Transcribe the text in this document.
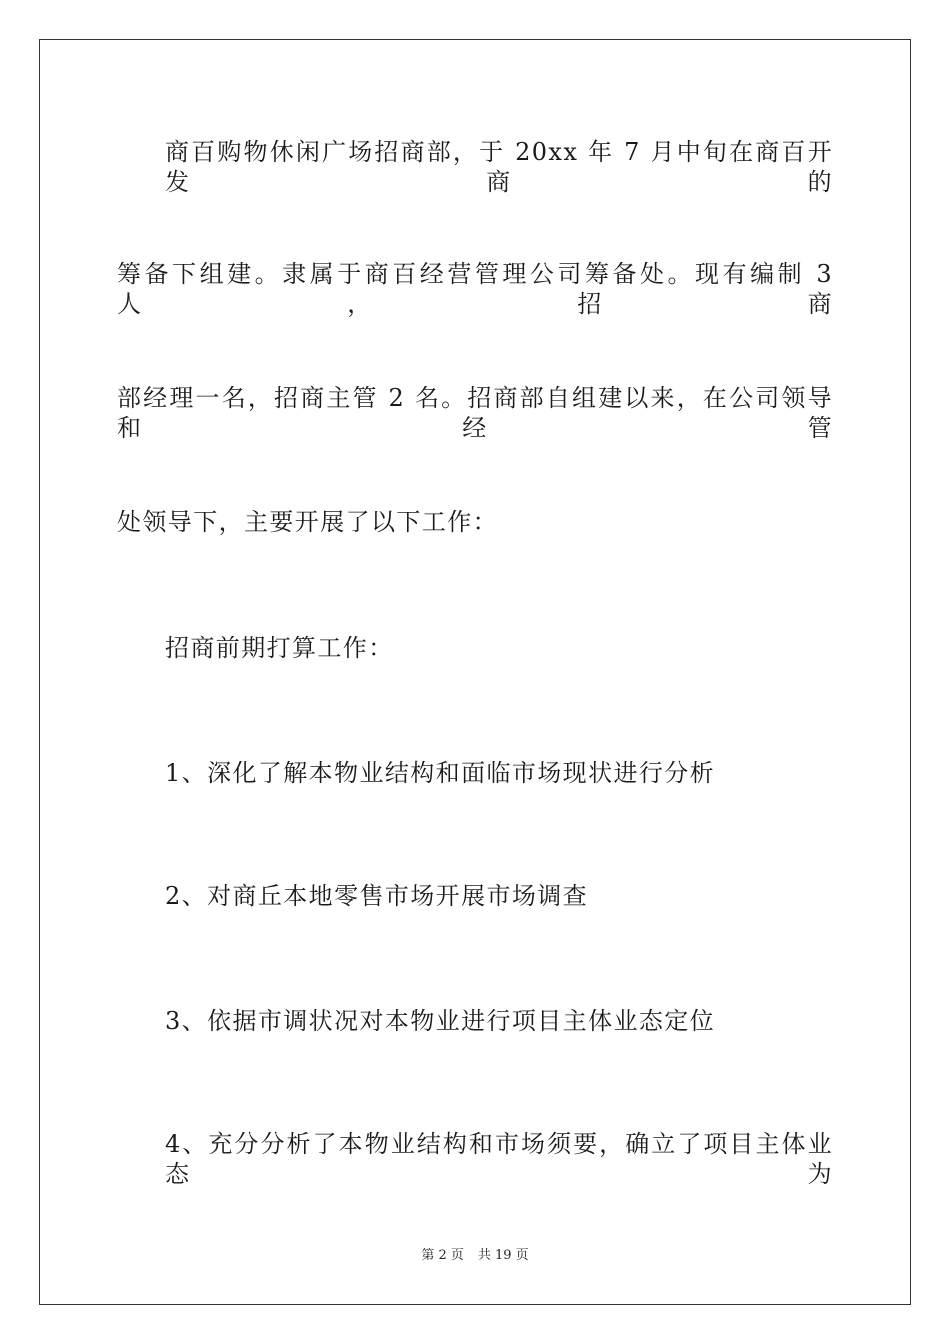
商百购物休闲广场招商部，于 20xx 年 7 月中旬在商百开发商的
筹备下组建。隶属于商百经营管理公司筹备处。现有编制 3 人，招商
部经理一名，招商主管 2 名。招商部自组建以来，在公司领导和经管
处领导下，主要开展了以下工作：
招商前期打算工作：
1、深化了解本物业结构和面临市场现状进行分析
2、对商丘本地零售市场开展市场调查
3、依据市调状况对本物业进行项目主体业态定位
4、充分分析了本物业结构和市场须要，确立了项目主体业态为
第 2 页 共 19 页
